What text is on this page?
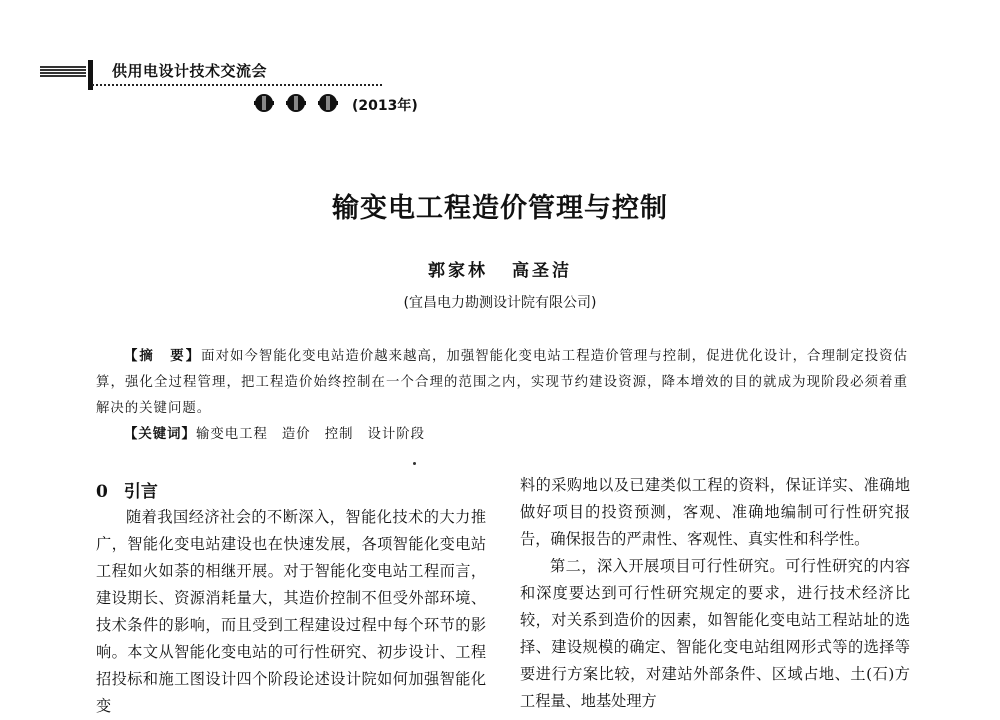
供用电设计技术交流会
(2013年)
输变电工程造价管理与控制
郭家林 高圣洁
(宜昌电力勘测设计院有限公司)
【摘　要】面对如今智能化变电站造价越来越高，加强智能化变电站工程造价管理与控制，促进优化设计，合理制定投资估算，强化全过程管理，把工程造价始终控制在一个合理的范围之内，实现节约建设资源，降本增效的目的就成为现阶段必须着重解决的关键问题。
【关键词】输变电工程 造价 控制 设计阶段
0 引言

随着我国经济社会的不断深入，智能化技术的大力推广，智能化变电站建设也在快速发展，各项智能化变电站工程如火如荼的相继开展。对于智能化变电站工程而言，建设期长、资源消耗量大，其造价控制不但受外部环境、技术条件的影响，而且受到工程建设过程中每个环节的影响。本文从智能化变电站的可行性研究、初步设计、工程招投标和施工图设计四个阶段论述设计院如何加强智能化变

料的采购地以及已建类似工程的资料，保证详实、准确地做好项目的投资预测，客观、准确地编制可行性研究报告，确保报告的严肃性、客观性、真实性和科学性。

第二，深入开展项目可行性研究。可行性研究的内容和深度要达到可行性研究规定的要求，进行技术经济比较，对关系到造价的因素，如智能化变电站工程站址的选择、建设规模的确定、智能化变电站组网形式等的选择等要进行方案比较，对建站外部条件、区域占地、土(石)方工程量、地基处理方
